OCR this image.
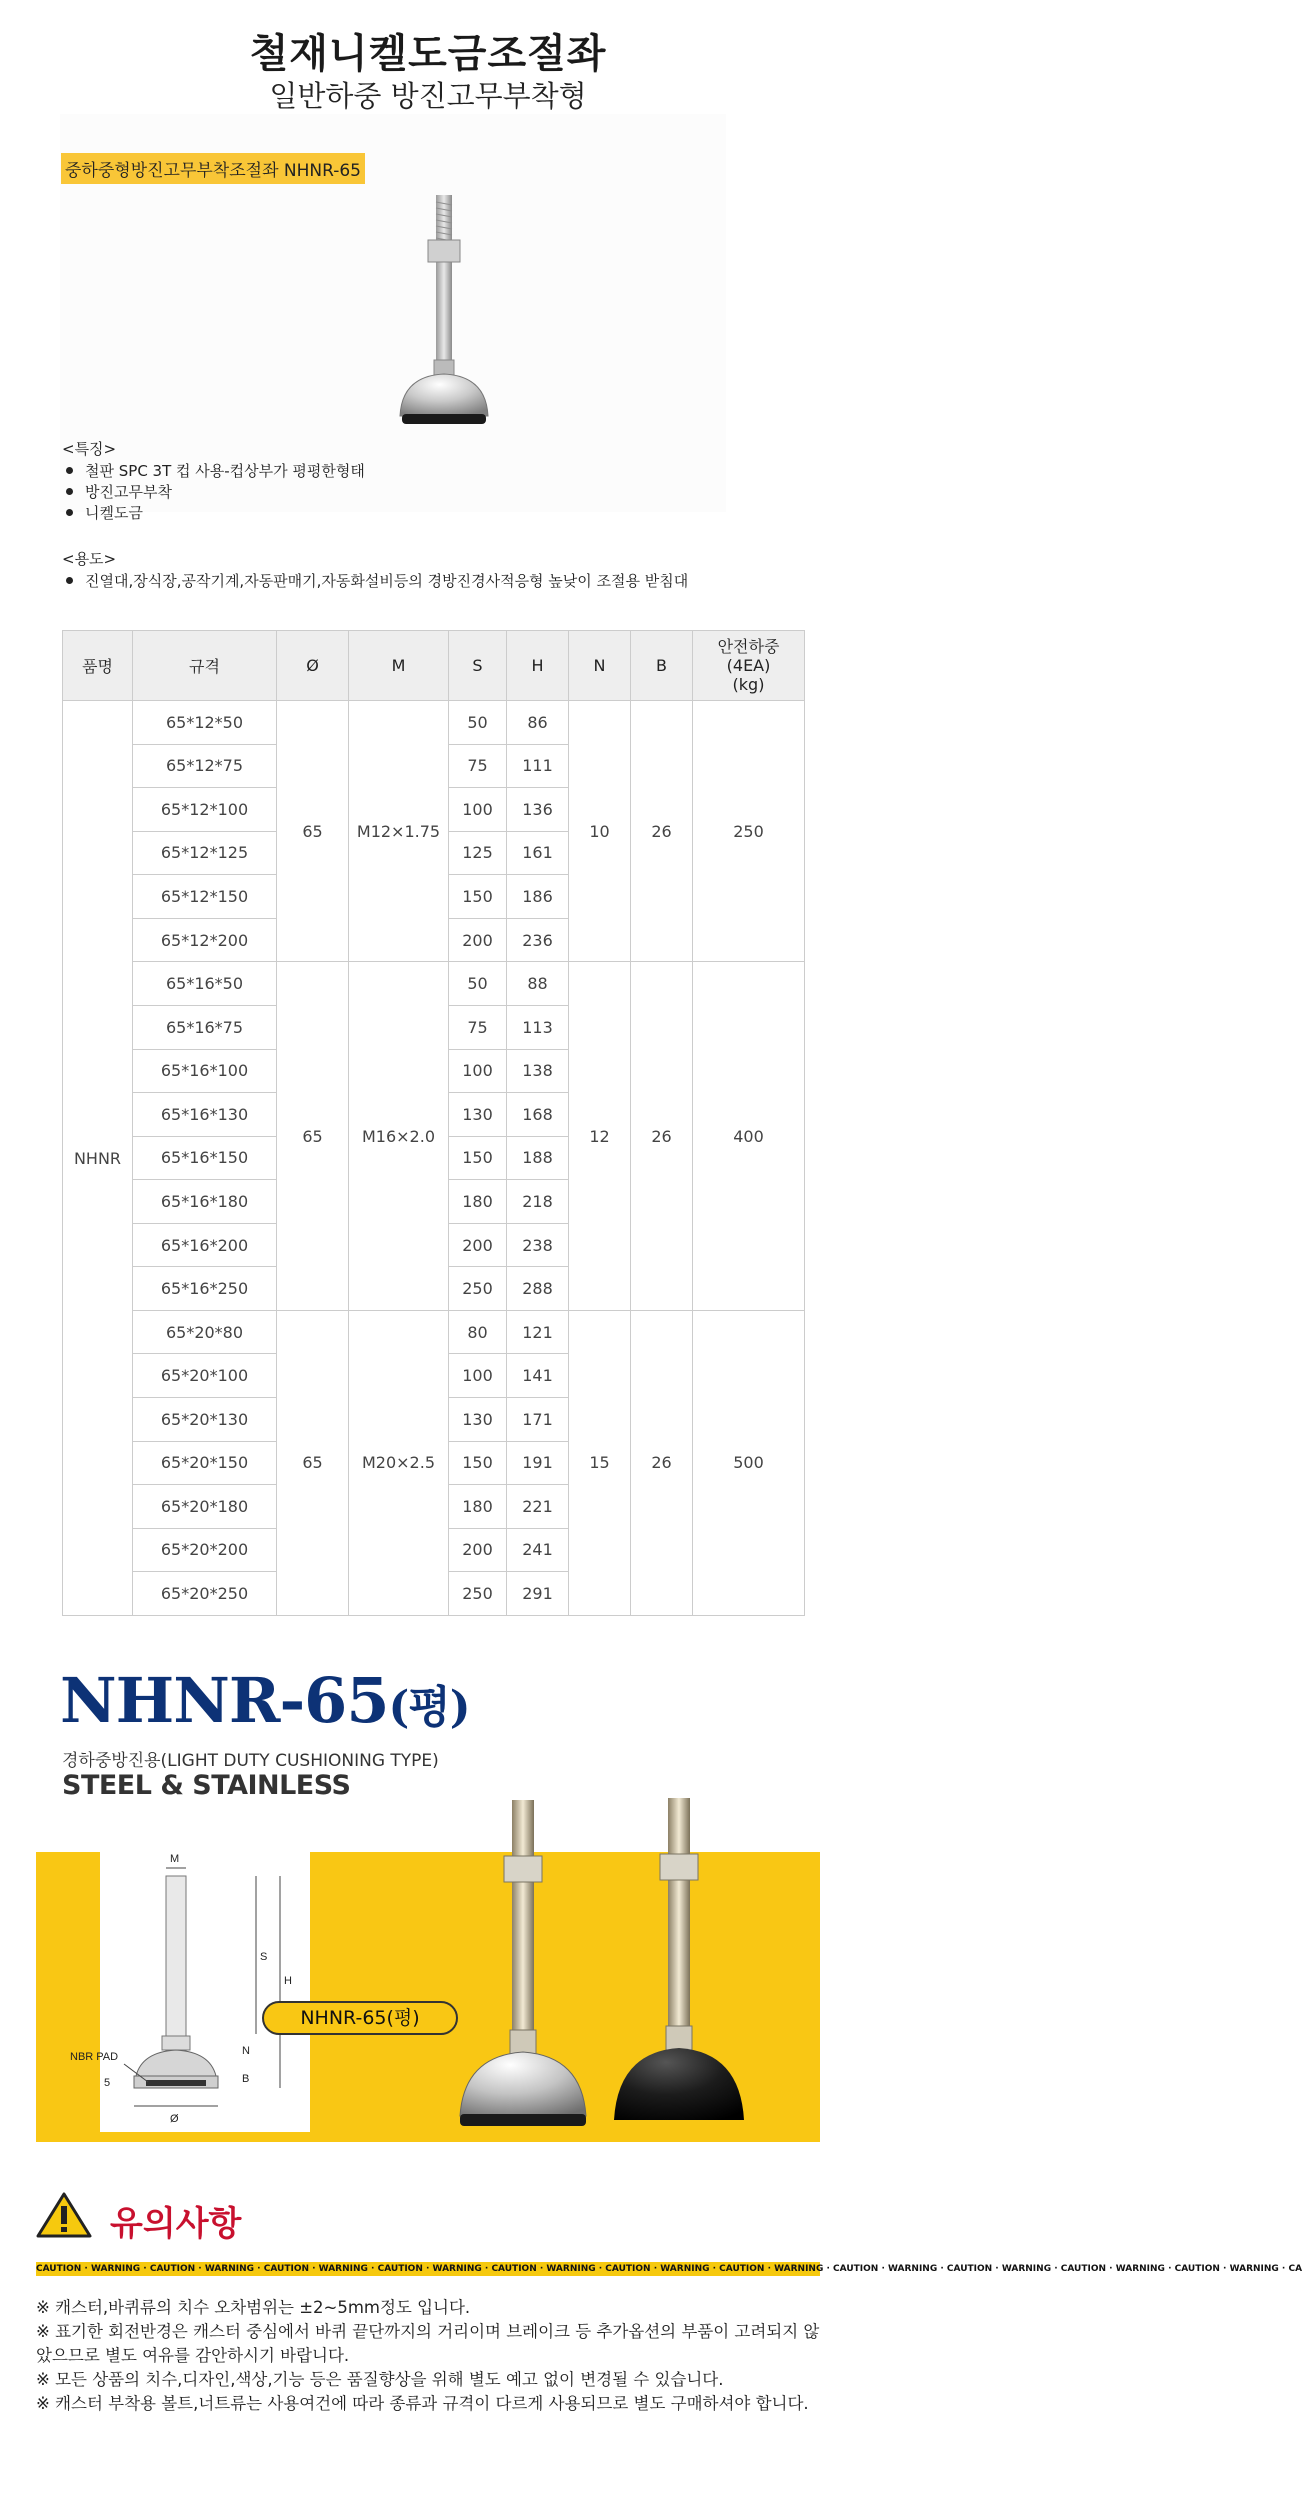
철재니켈도금조절좌
일반하중 방진고무부착형
중하중형방진고무부착조절좌 NHNR-65
<특징>
철판 SPC 3T 컵 사용-컵상부가 평평한형태
방진고무부착
니켈도금
<용도>
진열대,장식장,공작기계,자동판매기,자동화설비등의 경방진경사적응형 높낮이 조절용 받침대
품명	규격	Ø	M	S	H	N	B	안전하중
(4EA)
(kg)
NHNR	65*12*50	65	M12×1.75	50	86	10	26	250
	65*12*75			75	111			
	65*12*100			100	136			
	65*12*125			125	161			
	65*12*150			150	186			
	65*12*200			200	236			
	65*16*50	65	M16×2.0	50	88	12	26	400
	65*16*75			75	113			
	65*16*100			100	138			
	65*16*130			130	168			
	65*16*150			150	188			
	65*16*180			180	218			
	65*16*200			200	238			
	65*16*250			250	288			
	65*20*80	65	M20×2.5	80	121	15	26	500
	65*20*100			100	141			
	65*20*130			130	171			
	65*20*150			150	191			
	65*20*180			180	221			
	65*20*200			200	241			
	65*20*250			250	291			
NHNR-65(평)
경하중방진용(LIGHT DUTY CUSHIONING TYPE)
STEEL & STAINLESS
M
S
H
N
B
5
Ø
NBR PAD
NHNR-65(평)
유의사항
CAUTION · WARNING · CAUTION · WARNING · CAUTION · WARNING · CAUTION · WARNING · CAUTION · WARNING · CAUTION · WARNING · CAUTION · WARNING · CAUTION · WARNING · CAUTION · WARNING · CAUTION · WARNING · CAUTION · WARNING · CA
※ 캐스터,바퀴류의 치수 오차범위는 ±2~5mm정도 입니다.
※ 표기한 회전반경은 캐스터 중심에서 바퀴 끝단까지의 거리이며 브레이크 등 추가옵션의 부품이 고려되지 않았으므로 별도 여유를 감안하시기 바랍니다.
※ 모든 상품의 치수,디자인,색상,기능 등은 품질향상을 위해 별도 예고 없이 변경될 수 있습니다.
※ 캐스터 부착용 볼트,너트류는 사용여건에 따라 종류과 규격이 다르게 사용되므로 별도 구매하셔야 합니다.
